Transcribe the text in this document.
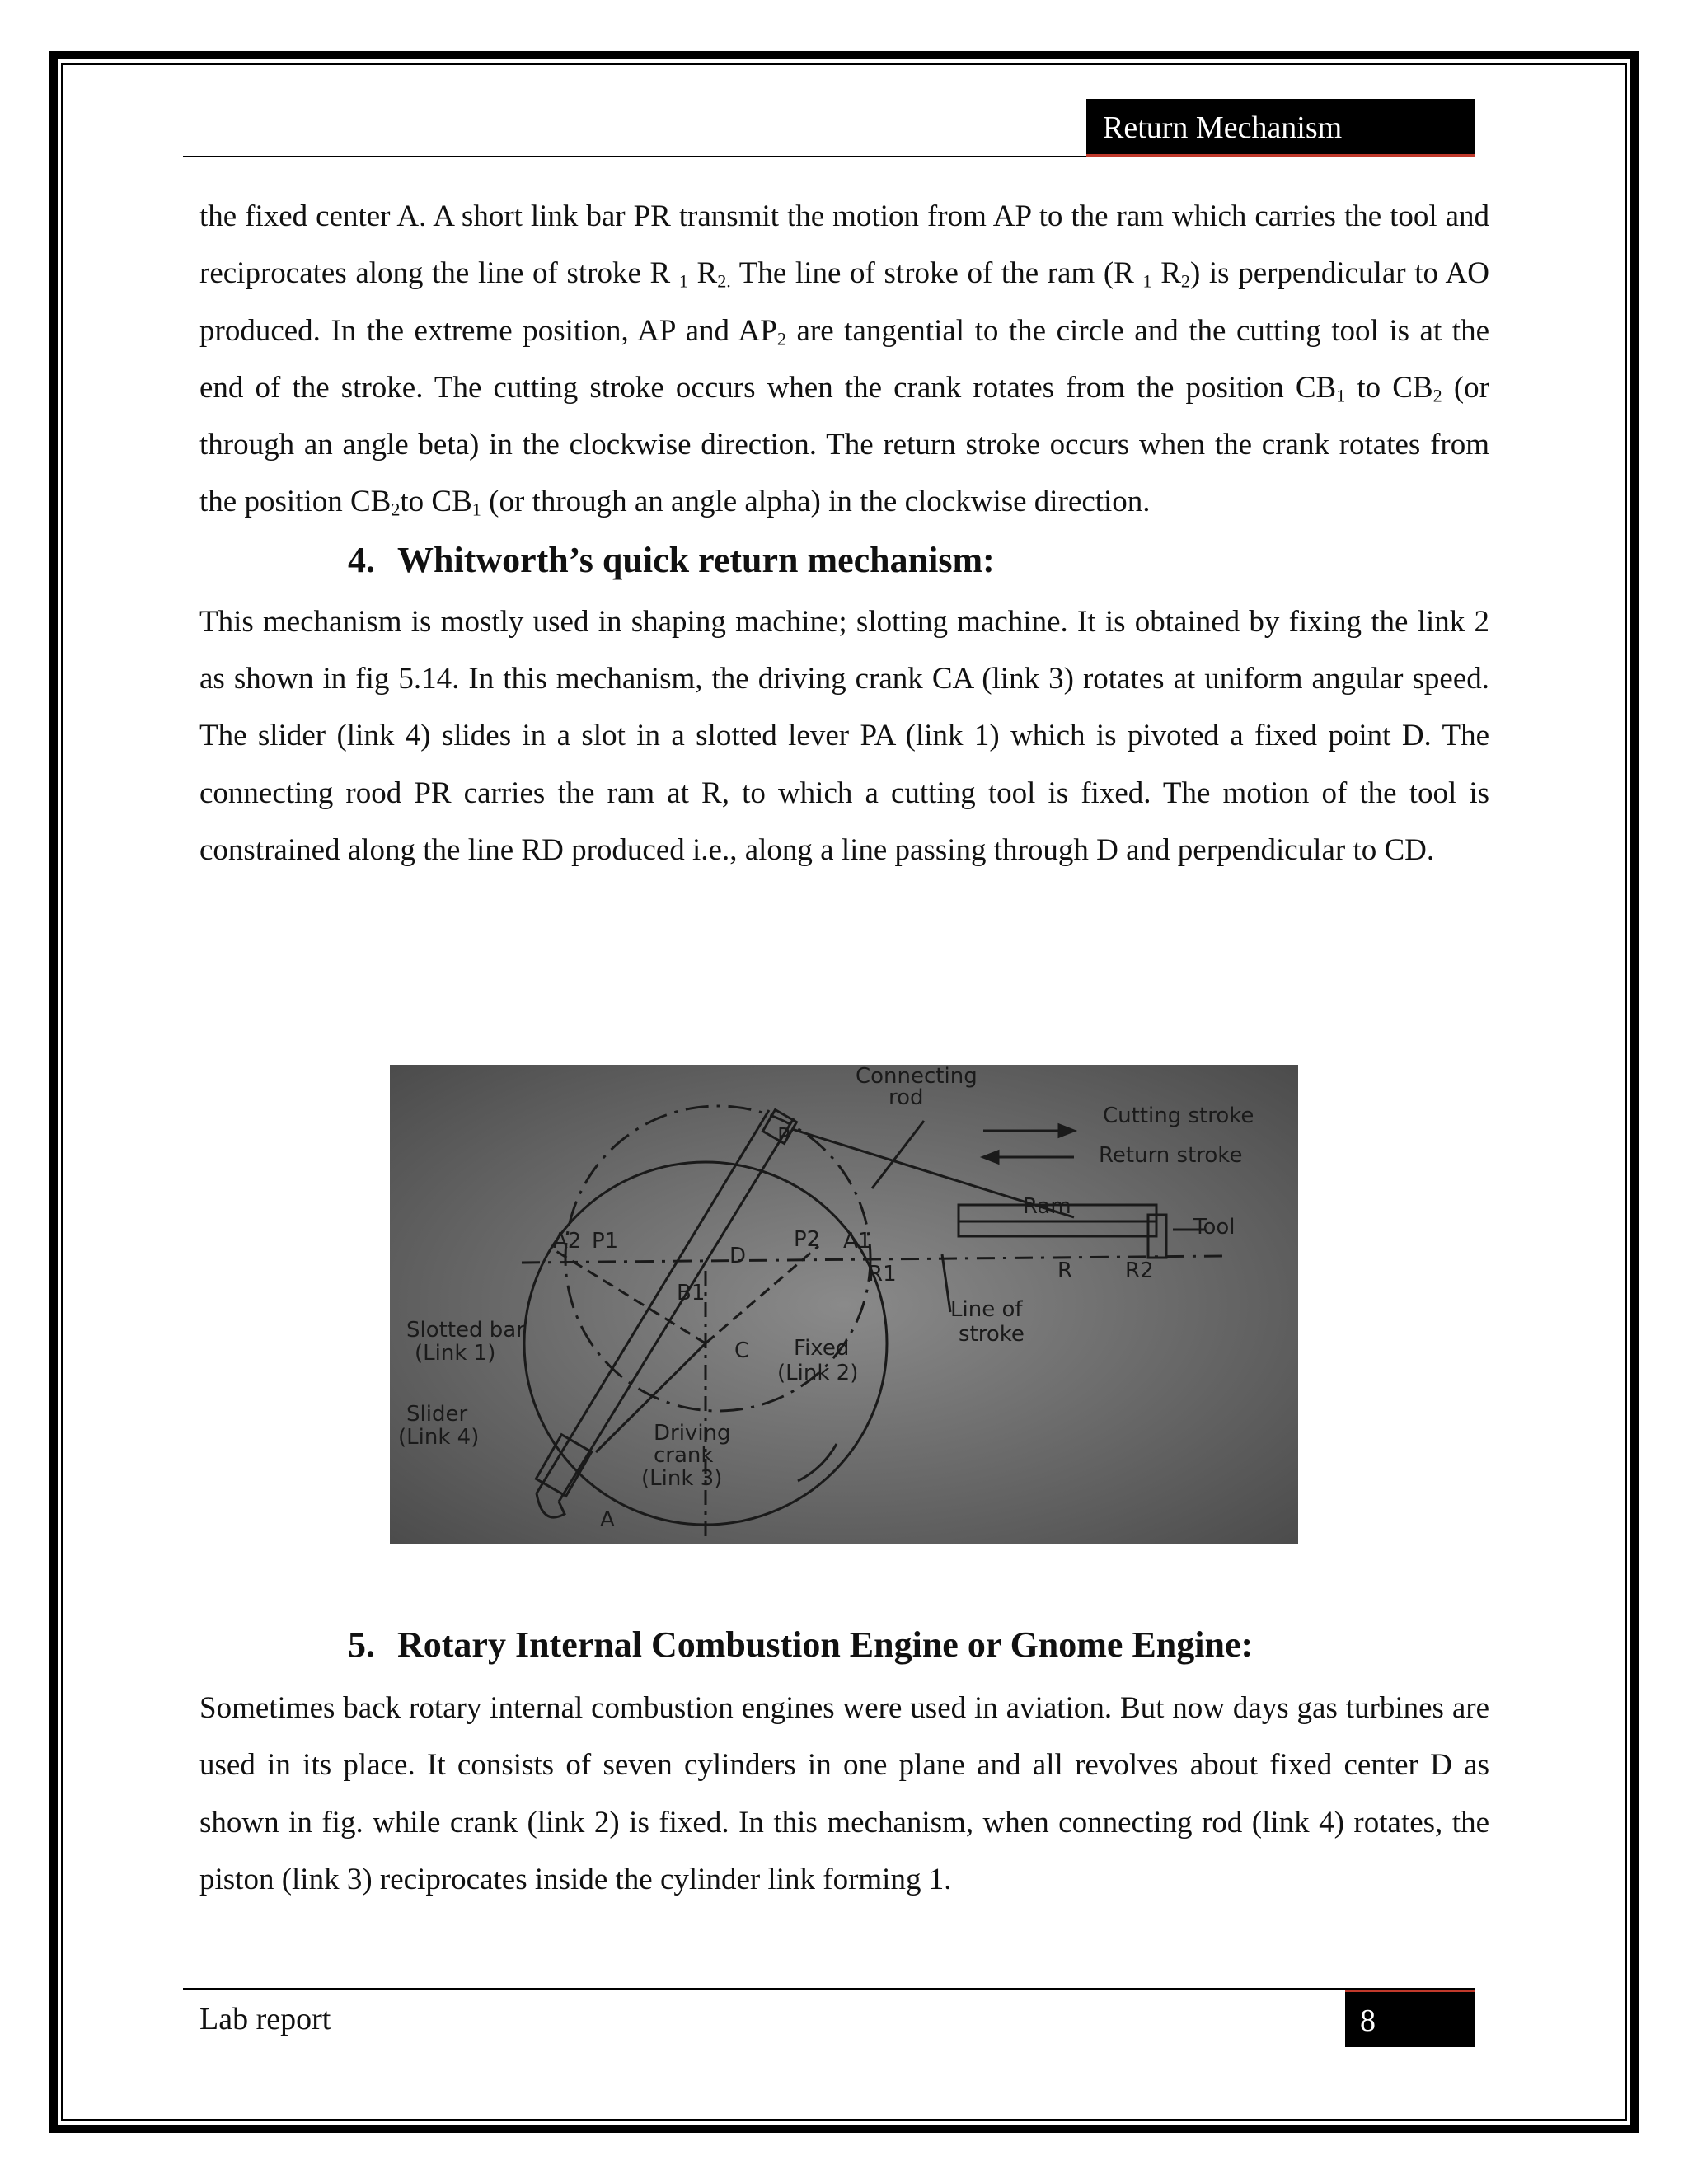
Return Mechanism

the fixed center A. A short link bar PR transmit the motion from AP to the ram which carries the tool and reciprocates along the line of stroke R $_1$ $R_{2.}$ The line of stroke of the ram (R $_1$ $R_2$) is perpendicular to AO produced. In the extreme position, AP and $AP_2$ are tangential to the circle and the cutting tool is at the end of the stroke. The cutting stroke occurs when the crank rotates from the position $CB_1$ to $CB_2$ (or through an angle beta) in the clockwise direction. The return stroke occurs when the crank rotates from the position $CB_2to$ $CB_1$ (or through an angle alpha) in the clockwise direction.

4. Whitworth’s quick return mechanism:

This mechanism is mostly used in shaping machine; slotting machine. It is obtained by fixing the link 2 as shown in fig 5.14. In this mechanism, the driving crank CA (link 3) rotates at uniform angular speed. The slider (link 4) slides in a slot in a slotted lever PA (link 1) which is pivoted a fixed point D. The connecting rood PR carries the ram at R, to which a cutting tool is fixed. The motion of the tool is constrained along the line RD produced i.e., along a line passing through D and perpendicular to CD.

Connecting
rod
Cutting stroke
Return stroke
Ram
Tool
Line of
stroke
Slotted bar
(Link 1)
Slider
(Link 4)	Driving
crank
(Link 3)
Fixed
(Link 2)
P
A
D
C
R R2
R1
A1
A2 P1	P2
B1
5. Rotary Internal Combustion Engine or Gnome Engine:

Sometimes back rotary internal combustion engines were used in aviation. But now days gas turbines are used in its place. It consists of seven cylinders in one plane and all revolves about fixed center D as shown in fig. while crank (link 2) is fixed. In this mechanism, when connecting rod (link 4) rotates, the piston (link 3) reciprocates inside the cylinder link forming 1.

Lab report	8
